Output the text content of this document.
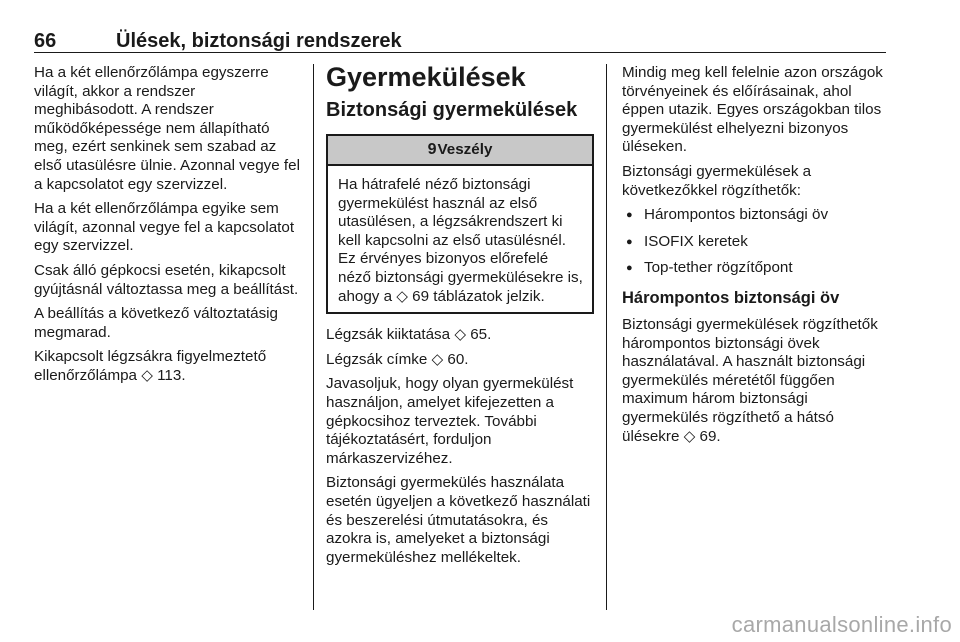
66	Ülések, biztonsági rendszerek

Ha a két ellenőrzőlámpa egyszerre világít, akkor a rendszer meghibásodott. A rendszer működőképessége nem állapítható meg, ezért senkinek sem szabad az első utasülésre ülnie. Azonnal vegye fel a kapcsolatot egy szervizzel.

Ha a két ellenőrzőlámpa egyike sem világít, azonnal vegye fel a kapcsolatot egy szervizzel.

Csak álló gépkocsi esetén, kikapcsolt gyújtásnál változtassa meg a beállítást.

A beállítás a következő változtatásig megmarad.

Kikapcsolt légzsákra figyelmeztető ellenőrzőlámpa ◇ 113.

Gyermekülések
Biztonsági gyermekülések
9 Veszély
Ha hátrafelé néző biztonsági gyermekülést használ az első utasülésen, a légzsákrendszert ki kell kapcsolni az első utasülésnél. Ez érvényes bizonyos előrefelé néző biztonsági gyermekülésekre is, ahogy a ◇ 69 táblázatok jelzik.

Légzsák kiiktatása ◇ 65.

Légzsák címke ◇ 60.

Javasoljuk, hogy olyan gyermekülést használjon, amelyet kifejezetten a gépkocsihoz terveztek. További tájékoztatásért, forduljon márkaszervizéhez.

Biztonsági gyermekülés használata esetén ügyeljen a következő használati és beszerelési útmutatásokra, és azokra is, amelyeket a biztonsági gyermeküléshez mellékeltek.

Mindig meg kell felelnie azon országok törvényeinek és előírásainak, ahol éppen utazik. Egyes országokban tilos gyermekülést elhelyezni bizonyos üléseken.

Biztonsági gyermekülések a következőkkel rögzíthetők:

● Hárompontos biztonsági öv
● ISOFIX keretek
● Top-tether rögzítőpont
Hárompontos biztonsági öv

Biztonsági gyermekülések rögzíthetők hárompontos biztonsági övek használatával. A használt biztonsági gyermekülés méretétől függően maximum három biztonsági gyermekülés rögzíthető a hátsó ülésekre ◇ 69.

carmanualsonline.info
